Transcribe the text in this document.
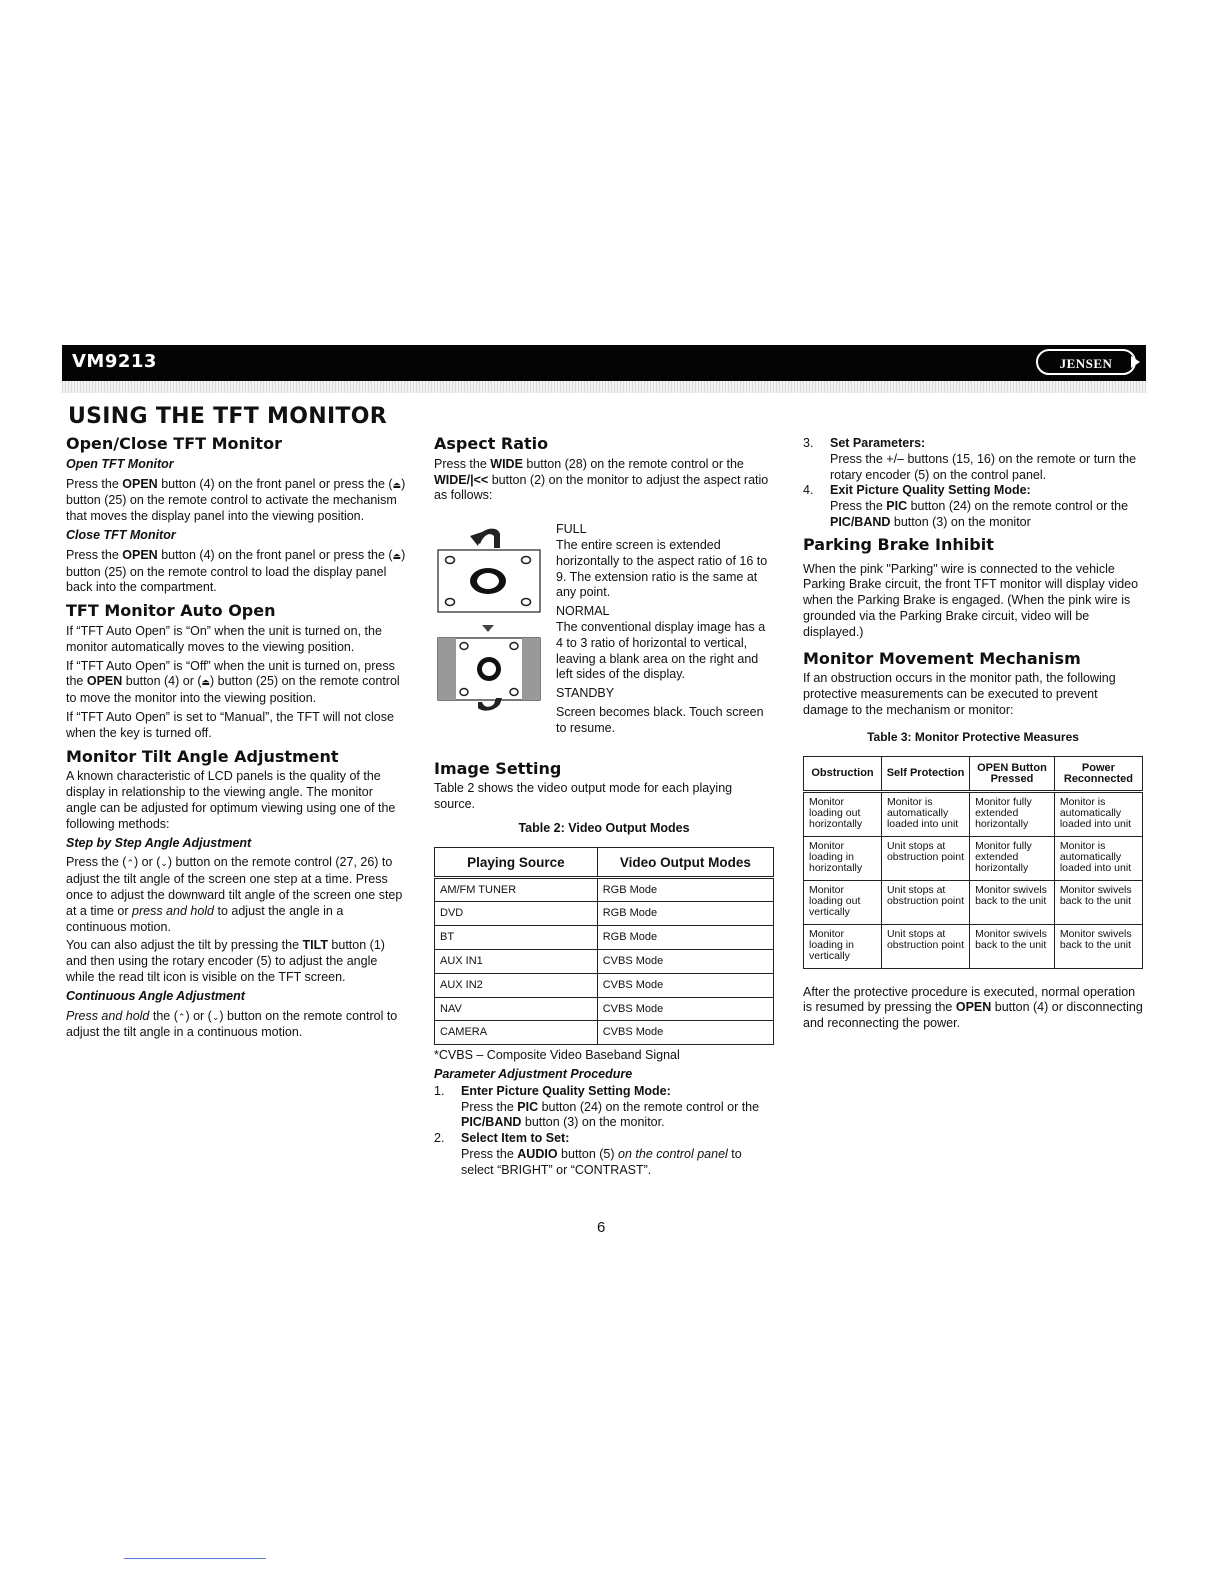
VM9213	JENSEN
USING THE TFT MONITOR
Open/Close TFT Monitor
Open TFT Monitor

Press the OPEN button (4) on the front panel or press the (⏏) button (25) on the remote control to activate the mechanism that moves the display panel into the viewing position.

Close TFT Monitor

Press the OPEN button (4) on the front panel or press the (⏏) button (25) on the remote control to load the display panel back into the compartment.

TFT Monitor Auto Open

If “TFT Auto Open” is “On” when the unit is turned on, the monitor automatically moves to the viewing position.

If “TFT Auto Open” is “Off” when the unit is turned on, press the OPEN button (4) or (⏏) button (25) on the remote control to move the monitor into the viewing position.

If “TFT Auto Open” is set to “Manual”, the TFT will not close when the key is turned off.

Monitor Tilt Angle Adjustment

A known characteristic of LCD panels is the quality of the display in relationship to the viewing angle. The monitor angle can be adjusted for optimum viewing using one of the following methods:

Step by Step Angle Adjustment

Press the (⌃) or (⌄) button on the remote control (27, 26) to adjust the tilt angle of the screen one step at a time. Press once to adjust the downward tilt angle of the screen one step at a time or press and hold to adjust the angle in a continuous motion.

You can also adjust the tilt by pressing the TILT button (1) and then using the rotary encoder (5) to adjust the angle while the read tilt icon is visible on the TFT screen.

Continuous Angle Adjustment

Press and hold the (⌃) or (⌄) button on the remote control to adjust the tilt angle in a continuous motion.

Aspect Ratio

Press the WIDE button (28) on the remote control or the WIDE/|<< button (2) on the monitor to adjust the aspect ratio as follows:

FULL

The entire screen is extended horizontally to the aspect ratio of 16 to 9. The extension ratio is the same at any point.

NORMAL

The conventional display image has a 4 to 3 ratio of horizontal to vertical, leaving a blank area on the right and left sides of the display.

STANDBY

Screen becomes black. Touch screen to resume.

Image Setting

Table 2 shows the video output mode for each playing source.

Table 2: Video Output Modes
Playing Source	Video Output Modes
AM/FM TUNER	RGB Mode
DVD	RGB Mode
BT	RGB Mode
AUX IN1	CVBS Mode
AUX IN2	CVBS Mode
NAV	CVBS Mode
CAMERA	CVBS Mode

*CVBS – Composite Video Baseband Signal

Parameter Adjustment Procedure
1.	Enter Picture Quality Setting Mode:
Press the PIC button (24) on the remote control or the PIC/BAND button (3) on the monitor.
2.	Select Item to Set:
Press the AUDIO button (5) on the control panel to select “BRIGHT” or “CONTRAST”.
3.	Set Parameters:
Press the +/– buttons (15, 16) on the remote or turn the rotary encoder (5) on the control panel.
4.	Exit Picture Quality Setting Mode:
Press the PIC button (24) on the remote control or the PIC/BAND button (3) on the monitor
Parking Brake Inhibit

When the pink "Parking" wire is connected to the vehicle Parking Brake circuit, the front TFT monitor will display video when the Parking Brake is engaged. (When the pink wire is grounded via the Parking Brake circuit, video will be displayed.)

Monitor Movement Mechanism

If an obstruction occurs in the monitor path, the following protective measurements can be executed to prevent damage to the mechanism or monitor:

Table 3: Monitor Protective Measures
Obstruction	Self Protection	OPEN Button Pressed	Power Reconnected
Monitor loading out horizontally	Monitor is automatically loaded into unit	Monitor fully extended horizontally	Monitor is automatically loaded into unit
Monitor loading in horizontally	Unit stops at obstruction point	Monitor fully extended horizontally	Monitor is automatically loaded into unit
Monitor loading out vertically	Unit stops at obstruction point	Monitor swivels back to the unit	Monitor swivels back to the unit
Monitor loading in vertically	Unit stops at obstruction point	Monitor swivels back to the unit	Monitor swivels back to the unit

After the protective procedure is executed, normal operation is resumed by pressing the OPEN button (4) or disconnecting and reconnecting the power.

6
